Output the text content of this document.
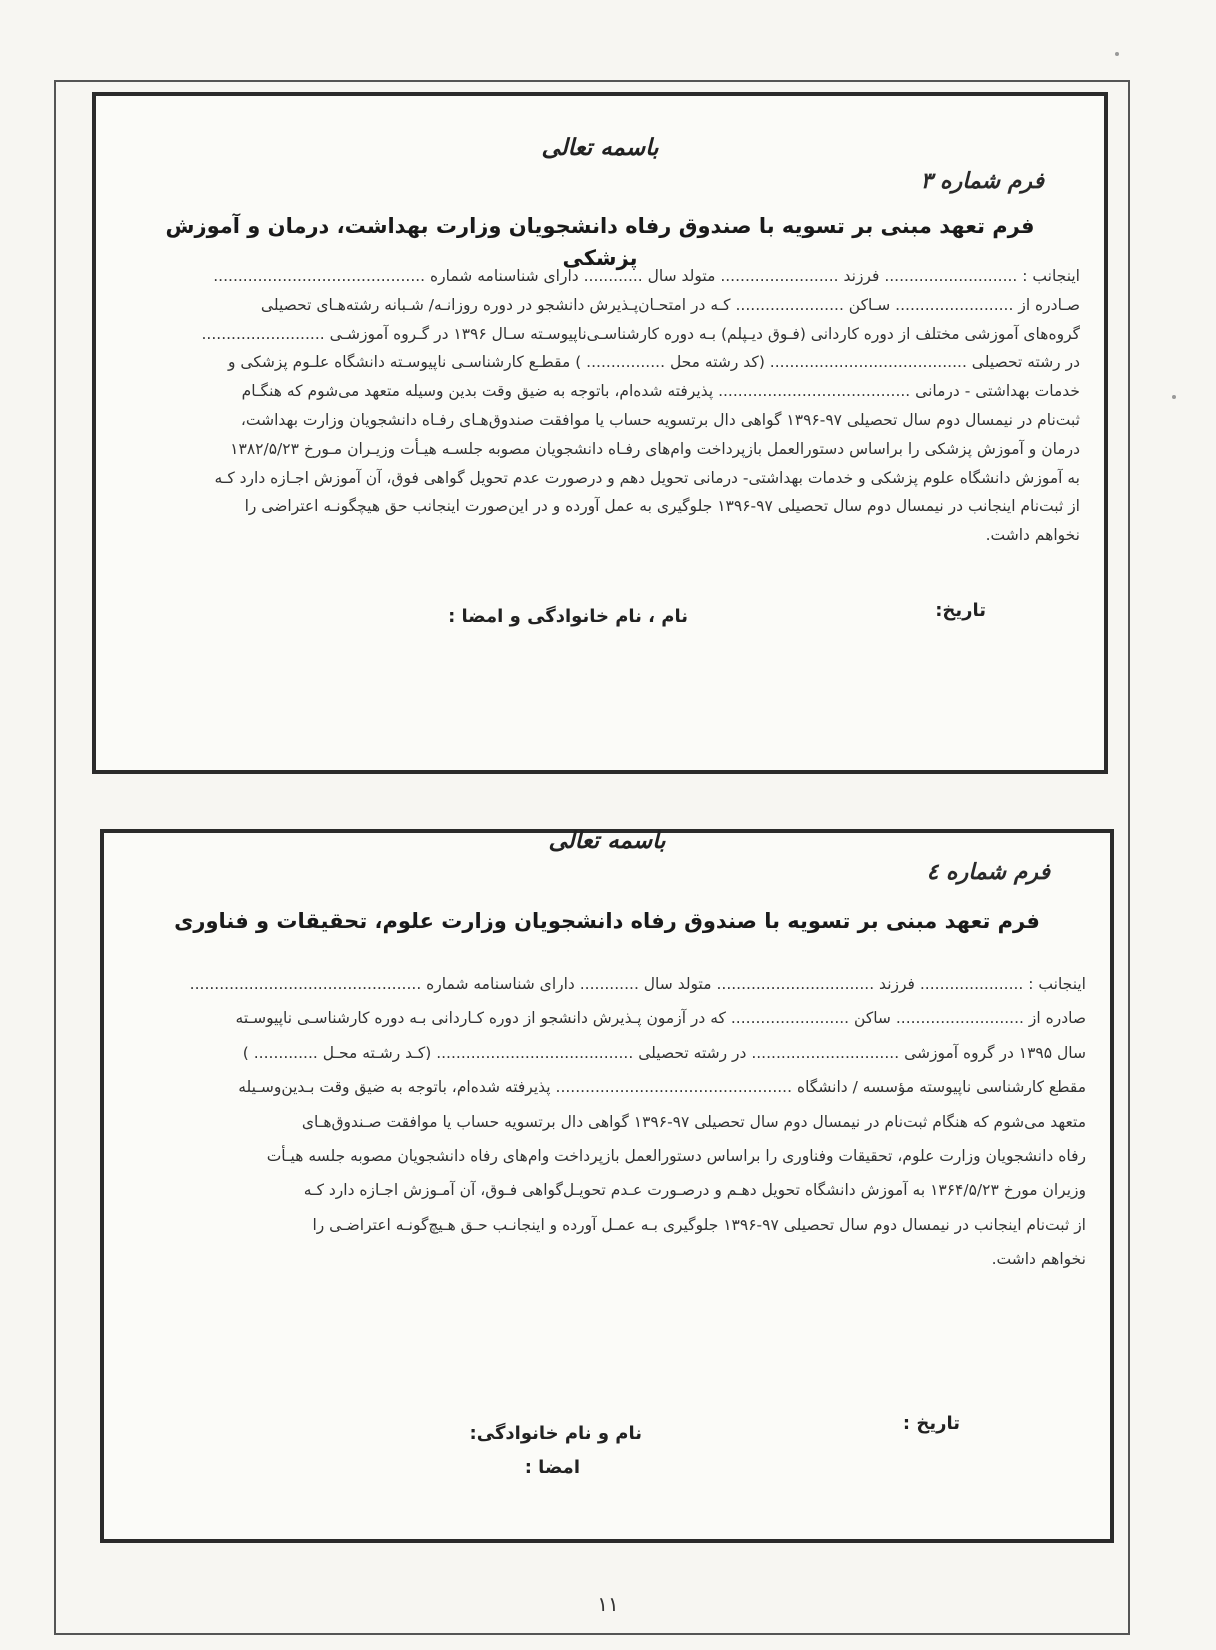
باسمه تعالی
فرم شماره ۳
فرم تعهد مبنی بر تسویه با صندوق رفاه دانشجویان وزارت بهداشت، درمان و آموزش پزشکی
اینجانب : ........................... فرزند ........................ متولد سال ............ دارای شناسنامه شماره ...........................................
صـادره از ........................ سـاکن ...................... کـه در امتحـان‌پـذیرش دانشجو در دوره روزانـه/ شـبانه رشته‌هـای تحصیلی
گروه‌های آموزشی مختلف از دوره کاردانی (فـوق دیـپلم) بـه دوره کارشناسـی‌ناپیوسـته سـال ۱۳۹۶ در گـروه آموزشـی .........................
در رشته تحصیلی ........................................ (کد رشته محل ................ ) مقطـع کارشناسـی ناپیوسـته دانشگاه علـوم پزشکی و
خدمات بهداشتی - درمانی ....................................... پذیرفته شده‌ام، باتوجه به ضیق وقت بدین وسیله متعهد می‌شوم که هنگـام
ثبت‌نام در نیمسال دوم سال تحصیلی ۹۷-۱۳۹۶ گواهی دال برتسویه حساب یا موافقت صندوق‌هـای رفـاه دانشجویان وزارت بهداشت،
درمان و آموزش پزشکی را براساس دستورالعمل بازپرداخت وام‌های رفـاه دانشجویان مصوبه جلسـه هیـأت وزیـران مـورخ ۱۳۸۲/۵/۲۳
به آموزش دانشگاه علوم پزشکی و خدمات بهداشتی- درمانی تحویل دهم و درصورت عدم تحویل گواهی فوق، آن آموزش اجـازه دارد کـه
از ثبت‌نام اینجانب در نیمسال دوم سال تحصیلی ۹۷-۱۳۹۶ جلوگیری به عمل آورده و در این‌صورت اینجانب حق هیچگونـه اعتراضی را
نخواهم داشت.
تاریخ:
نام ، نام خانوادگی و امضا :
باسمه تعالی
فرم شماره ٤
فرم تعهد مبنی بر تسویه با صندوق رفاه دانشجویان وزارت علوم، تحقیقات و فناوری
اینجانب : ..................... فرزند ................................ متولد سال ............ دارای شناسنامه شماره ...............................................
صادره از .......................... ساکن ........................ که در آزمون پـذیرش دانشجو از دوره کـاردانی بـه دوره کارشناسـی ناپیوسـته
سال ۱۳۹۵ در گروه آموزشی .............................. در رشته تحصیلی ........................................ (کـد رشـته محـل ............. )
مقطع کارشناسی ناپیوسته مؤسسه / دانشگاه ................................................ پذیرفته شده‌ام، باتوجه به ضیق وقت بـدین‌وسـیله
متعهد می‌شوم که هنگام ثبت‌نام در نیمسال دوم سال تحصیلی ۹۷-۱۳۹۶ گواهی دال برتسویه حساب یا موافقت صـندوق‌هـای
رفاه دانشجویان وزارت علوم، تحقیقات وفناوری را براساس دستورالعمل بازپرداخت وام‌های رفاه دانشجویان مصوبه جلسه هیـأت
وزیران مورخ ۱۳۶۴/۵/۲۳ به آموزش دانشگاه تحویل دهـم و درصـورت عـدم تحویـل‌گواهی فـوق، آن آمـوزش اجـازه دارد کـه
از ثبت‌نام اینجانب در نیمسال دوم سال تحصیلی ۹۷-۱۳۹۶ جلوگیری بـه عمـل آورده و اینجانـب حـق هـیچ‌گونـه اعتراضـی را
نخواهم داشت.
تاریخ :
نام و نام خانوادگی:
امضا :
۱۱
